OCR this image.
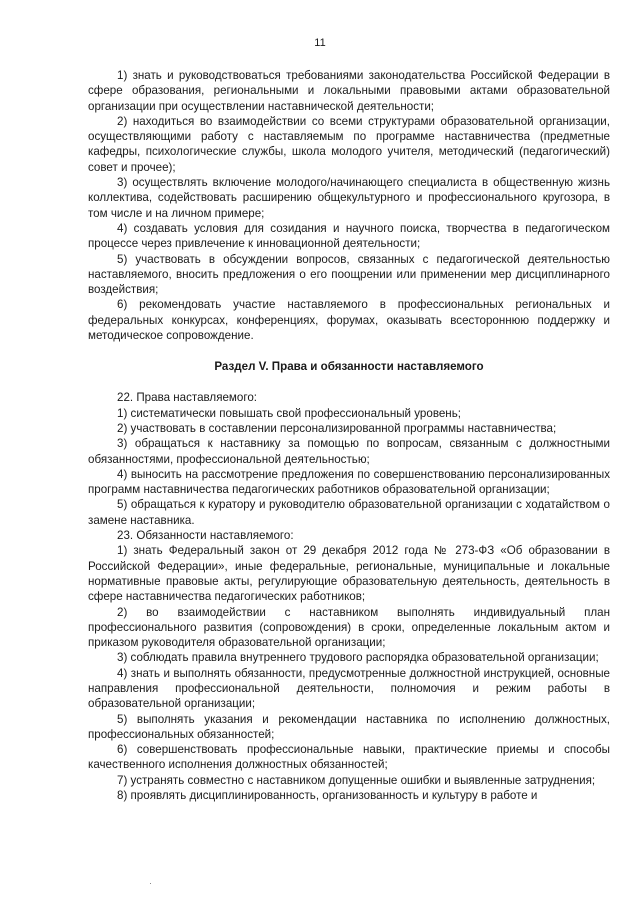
11

1) знать и руководствоваться требованиями законодательства Российской Федерации в сфере образования, региональными и локальными правовыми актами образовательной организации при осуществлении наставнической деятельности;

2) находиться во взаимодействии со всеми структурами образовательной организации, осуществляющими работу с наставляемым по программе наставничества (предметные кафедры, психологические службы, школа молодого учителя, методический (педагогический) совет и прочее);

3) осуществлять включение молодого/начинающего специалиста в общественную жизнь коллектива, содействовать расширению общекультурного и профессионального кругозора, в том числе и на личном примере;

4) создавать условия для созидания и научного поиска, творчества в педагогическом процессе через привлечение к инновационной деятельности;

5) участвовать в обсуждении вопросов, связанных с педагогической деятельностью наставляемого, вносить предложения о его поощрении или применении мер дисциплинарного воздействия;

6) рекомендовать участие наставляемого в профессиональных региональных и федеральных конкурсах, конференциях, форумах, оказывать всестороннюю поддержку и методическое сопровождение.

Раздел V. Права и обязанности наставляемого

22. Права наставляемого:

1) систематически повышать свой профессиональный уровень;

2) участвовать в составлении персонализированной программы наставничества;

3) обращаться к наставнику за помощью по вопросам, связанным с должностными обязанностями, профессиональной деятельностью;

4) выносить на рассмотрение предложения по совершенствованию персонализированных программ наставничества педагогических работников образовательной организации;

5) обращаться к куратору и руководителю образовательной организации с ходатайством о замене наставника.

23. Обязанности наставляемого:

1) знать Федеральный закон от 29 декабря 2012 года № 273-ФЗ «Об образовании в Российской Федерации», иные федеральные, региональные, муниципальные и локальные нормативные правовые акты, регулирующие образовательную деятельность, деятельность в сфере наставничества педагогических работников;

2) во взаимодействии с наставником выполнять индивидуальный план профессионального развития (сопровождения) в сроки, определенные локальным актом и приказом руководителя образовательной организации;

3) соблюдать правила внутреннего трудового распорядка образовательной организации;

4) знать и выполнять обязанности, предусмотренные должностной инструкцией, основные направления профессиональной деятельности, полномочия и режим работы в образовательной организации;

5) выполнять указания и рекомендации наставника по исполнению должностных, профессиональных обязанностей;

6) совершенствовать профессиональные навыки, практические приемы и способы качественного исполнения должностных обязанностей;

7) устранять совместно с наставником допущенные ошибки и выявленные затруднения;

8) проявлять дисциплинированность, организованность и культуру в работе и
